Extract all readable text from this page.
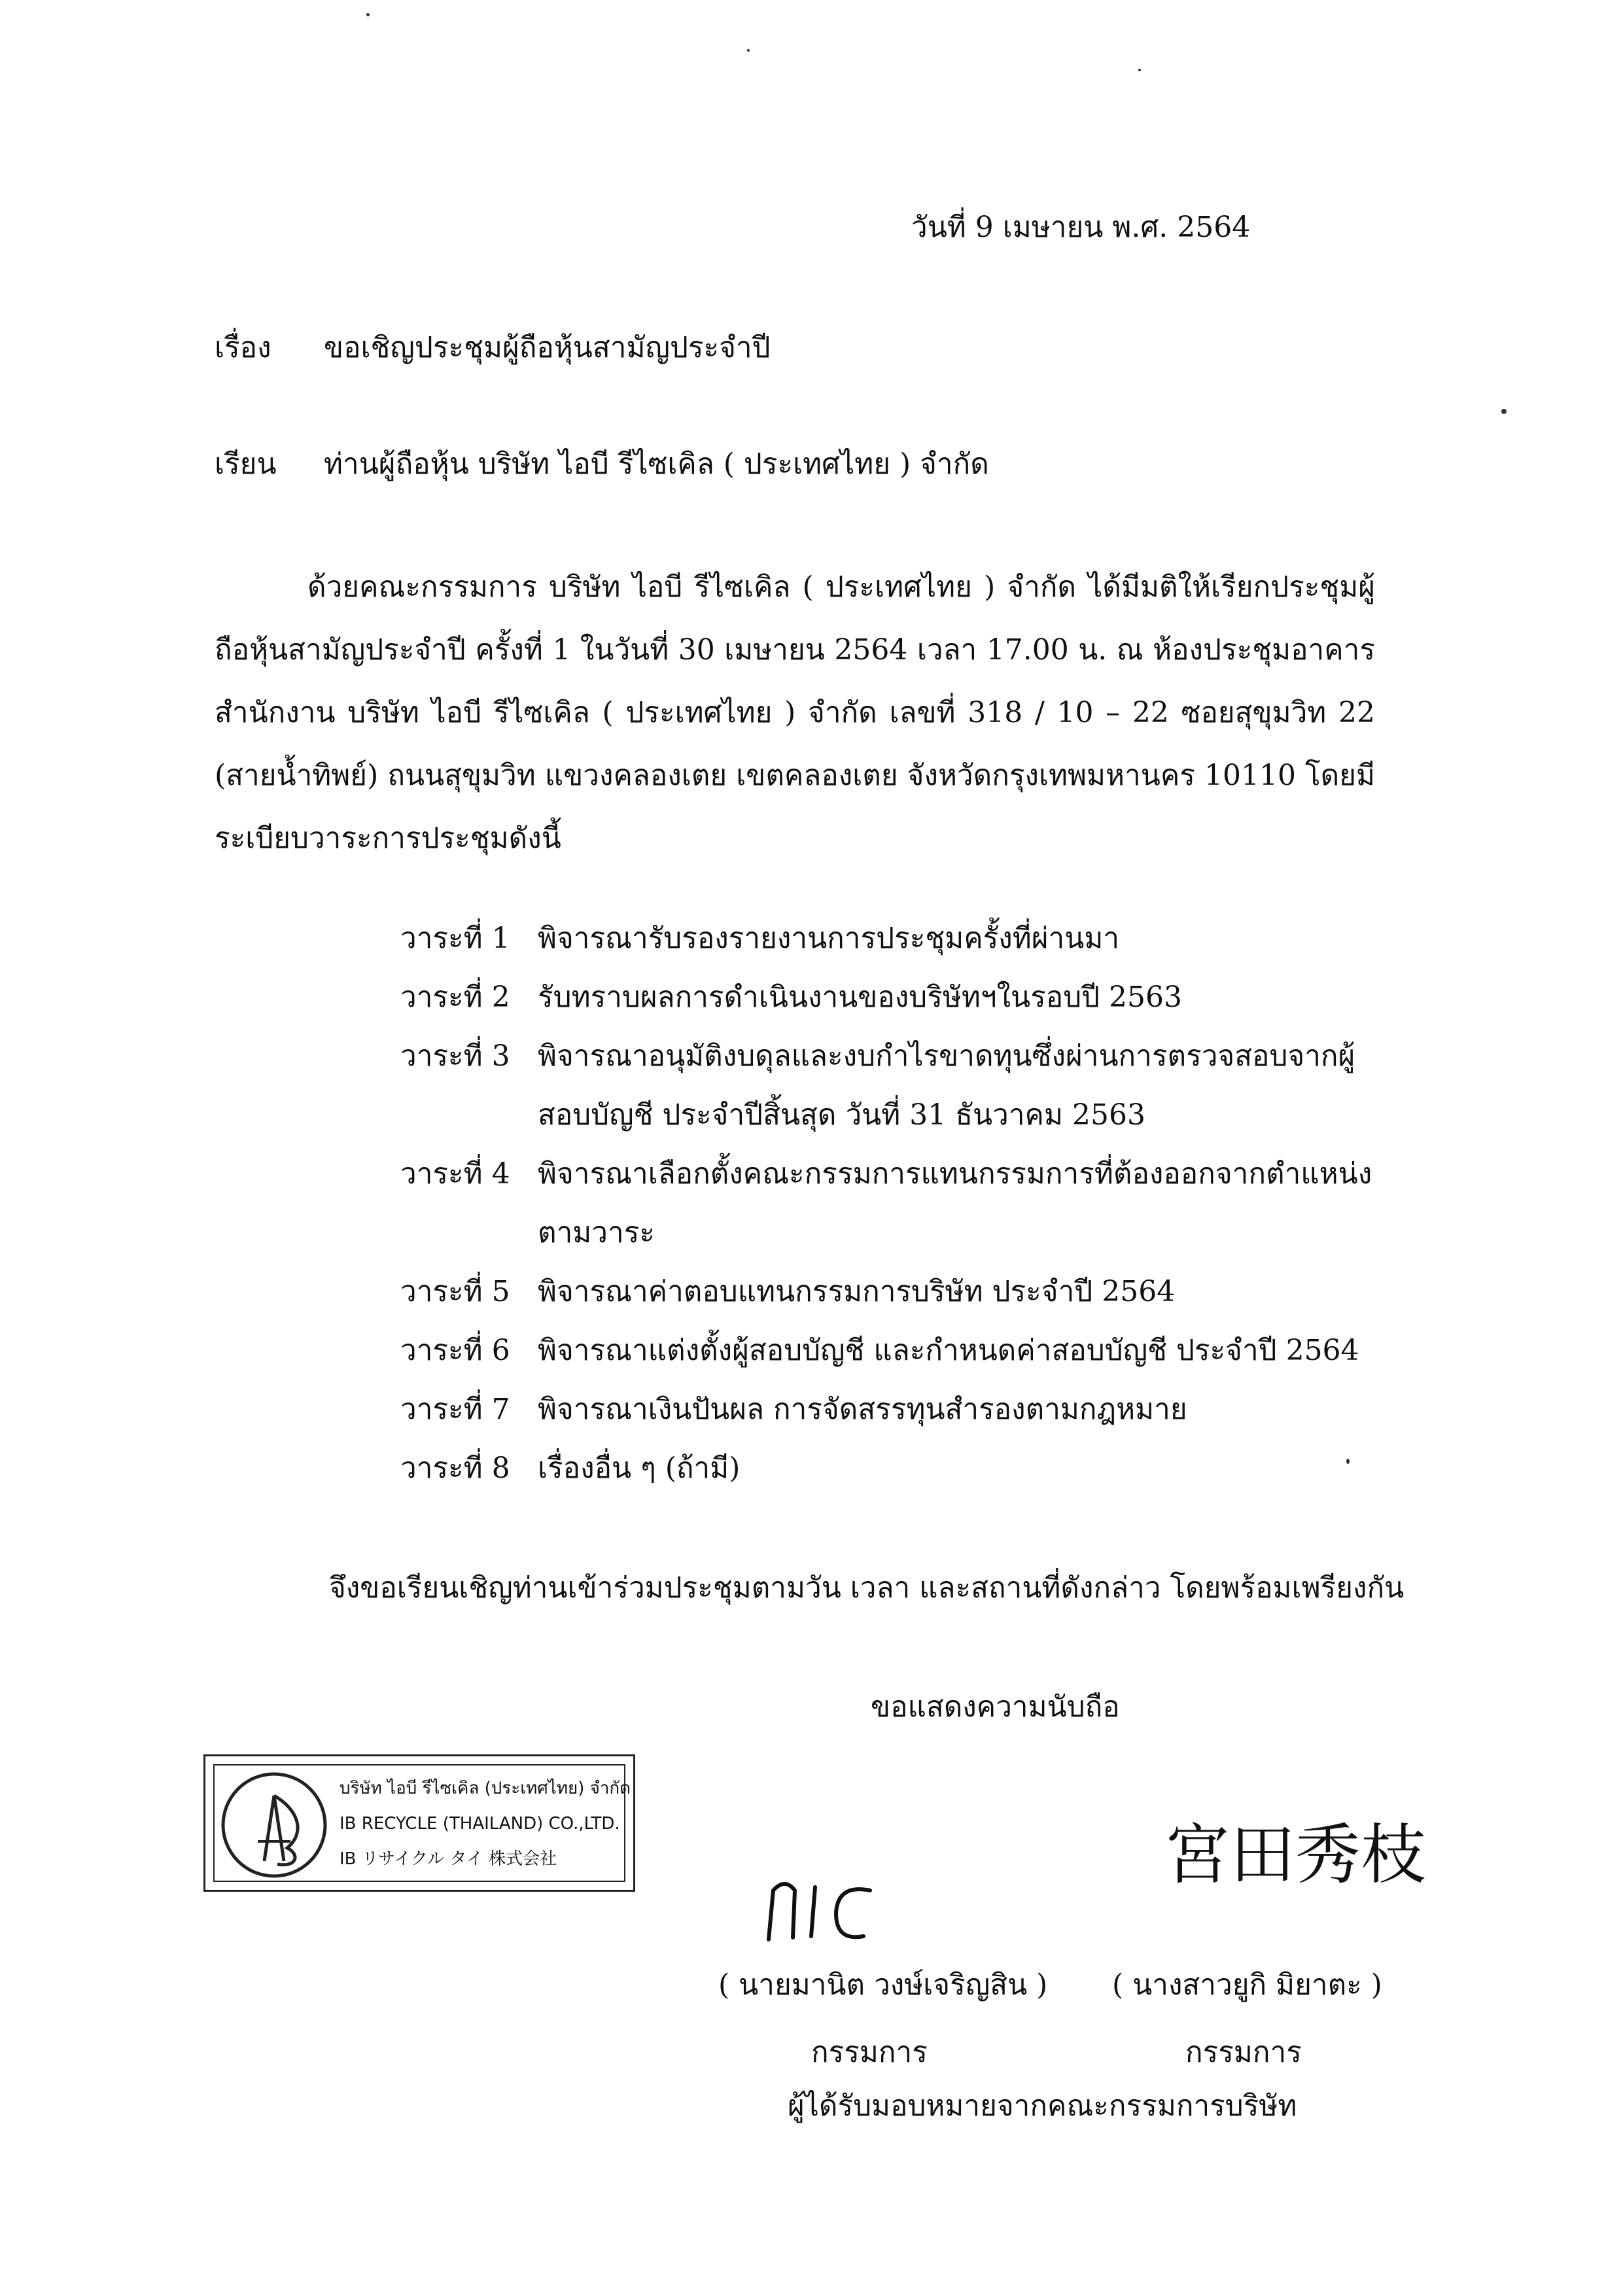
วันที่ 9 เมษายน พ.ศ. 2564
เรื่อง ขอเชิญประชุมผู้ถือหุ้นสามัญประจำปี
เรียน ท่านผู้ถือหุ้น บริษัท ไอบี รีไซเคิล ( ประเทศไทย ) จำกัด
ด้วยคณะกรรมการ บริษัท ไอบี รีไซเคิล ( ประเทศไทย ) จำกัด ได้มีมติให้เรียกประชุมผู้ถือหุ้นสามัญประจำปี ครั้งที่ 1 ในวันที่ 30 เมษายน 2564 เวลา 17.00 น. ณ ห้องประชุมอาคารสำนักงาน บริษัท ไอบี รีไซเคิล ( ประเทศไทย ) จำกัด เลขที่ 318 / 10 – 22 ซอยสุขุมวิท 22 (สายน้ำทิพย์) ถนนสุขุมวิท แขวงคลองเตย เขตคลองเตย จังหวัดกรุงเทพมหานคร 10110 โดยมีระเบียบวาระการประชุมดังนี้
วาระที่ 1 พิจารณารับรองรายงานการประชุมครั้งที่ผ่านมา
วาระที่ 2 รับทราบผลการดำเนินงานของบริษัทฯในรอบปี 2563
วาระที่ 3 พิจารณาอนุมัติงบดุลและงบกำไรขาดทุนซึ่งผ่านการตรวจสอบจากผู้สอบบัญชี ประจำปีสิ้นสุด วันที่ 31 ธันวาคม 2563
วาระที่ 4 พิจารณาเลือกตั้งคณะกรรมการแทนกรรมการที่ต้องออกจากตำแหน่งตามวาระ
วาระที่ 5 พิจารณาค่าตอบแทนกรรมการบริษัท ประจำปี 2564
วาระที่ 6 พิจารณาแต่งตั้งผู้สอบบัญชี และกำหนดค่าสอบบัญชี ประจำปี 2564
วาระที่ 7 พิจารณาเงินปันผล การจัดสรรทุนสำรองตามกฎหมาย
วาระที่ 8 เรื่องอื่น ๆ (ถ้ามี)
จึงขอเรียนเชิญท่านเข้าร่วมประชุมตามวัน เวลา และสถานที่ดังกล่าว โดยพร้อมเพรียงกัน
ขอแสดงความนับถือ
บริษัท ไอบี รีไซเคิล (ประเทศไทย) จำกัด
IB RECYCLE (THAILAND) CO.,LTD.
IB リサイクル タイ 株式会社	宮田秀枝
( นายมานิต วงษ์เจริญสิน ) ( นางสาวยูกิ มิยาตะ )
กรรมการ	กรรมการ
ผู้ได้รับมอบหมายจากคณะกรรมการบริษัท
